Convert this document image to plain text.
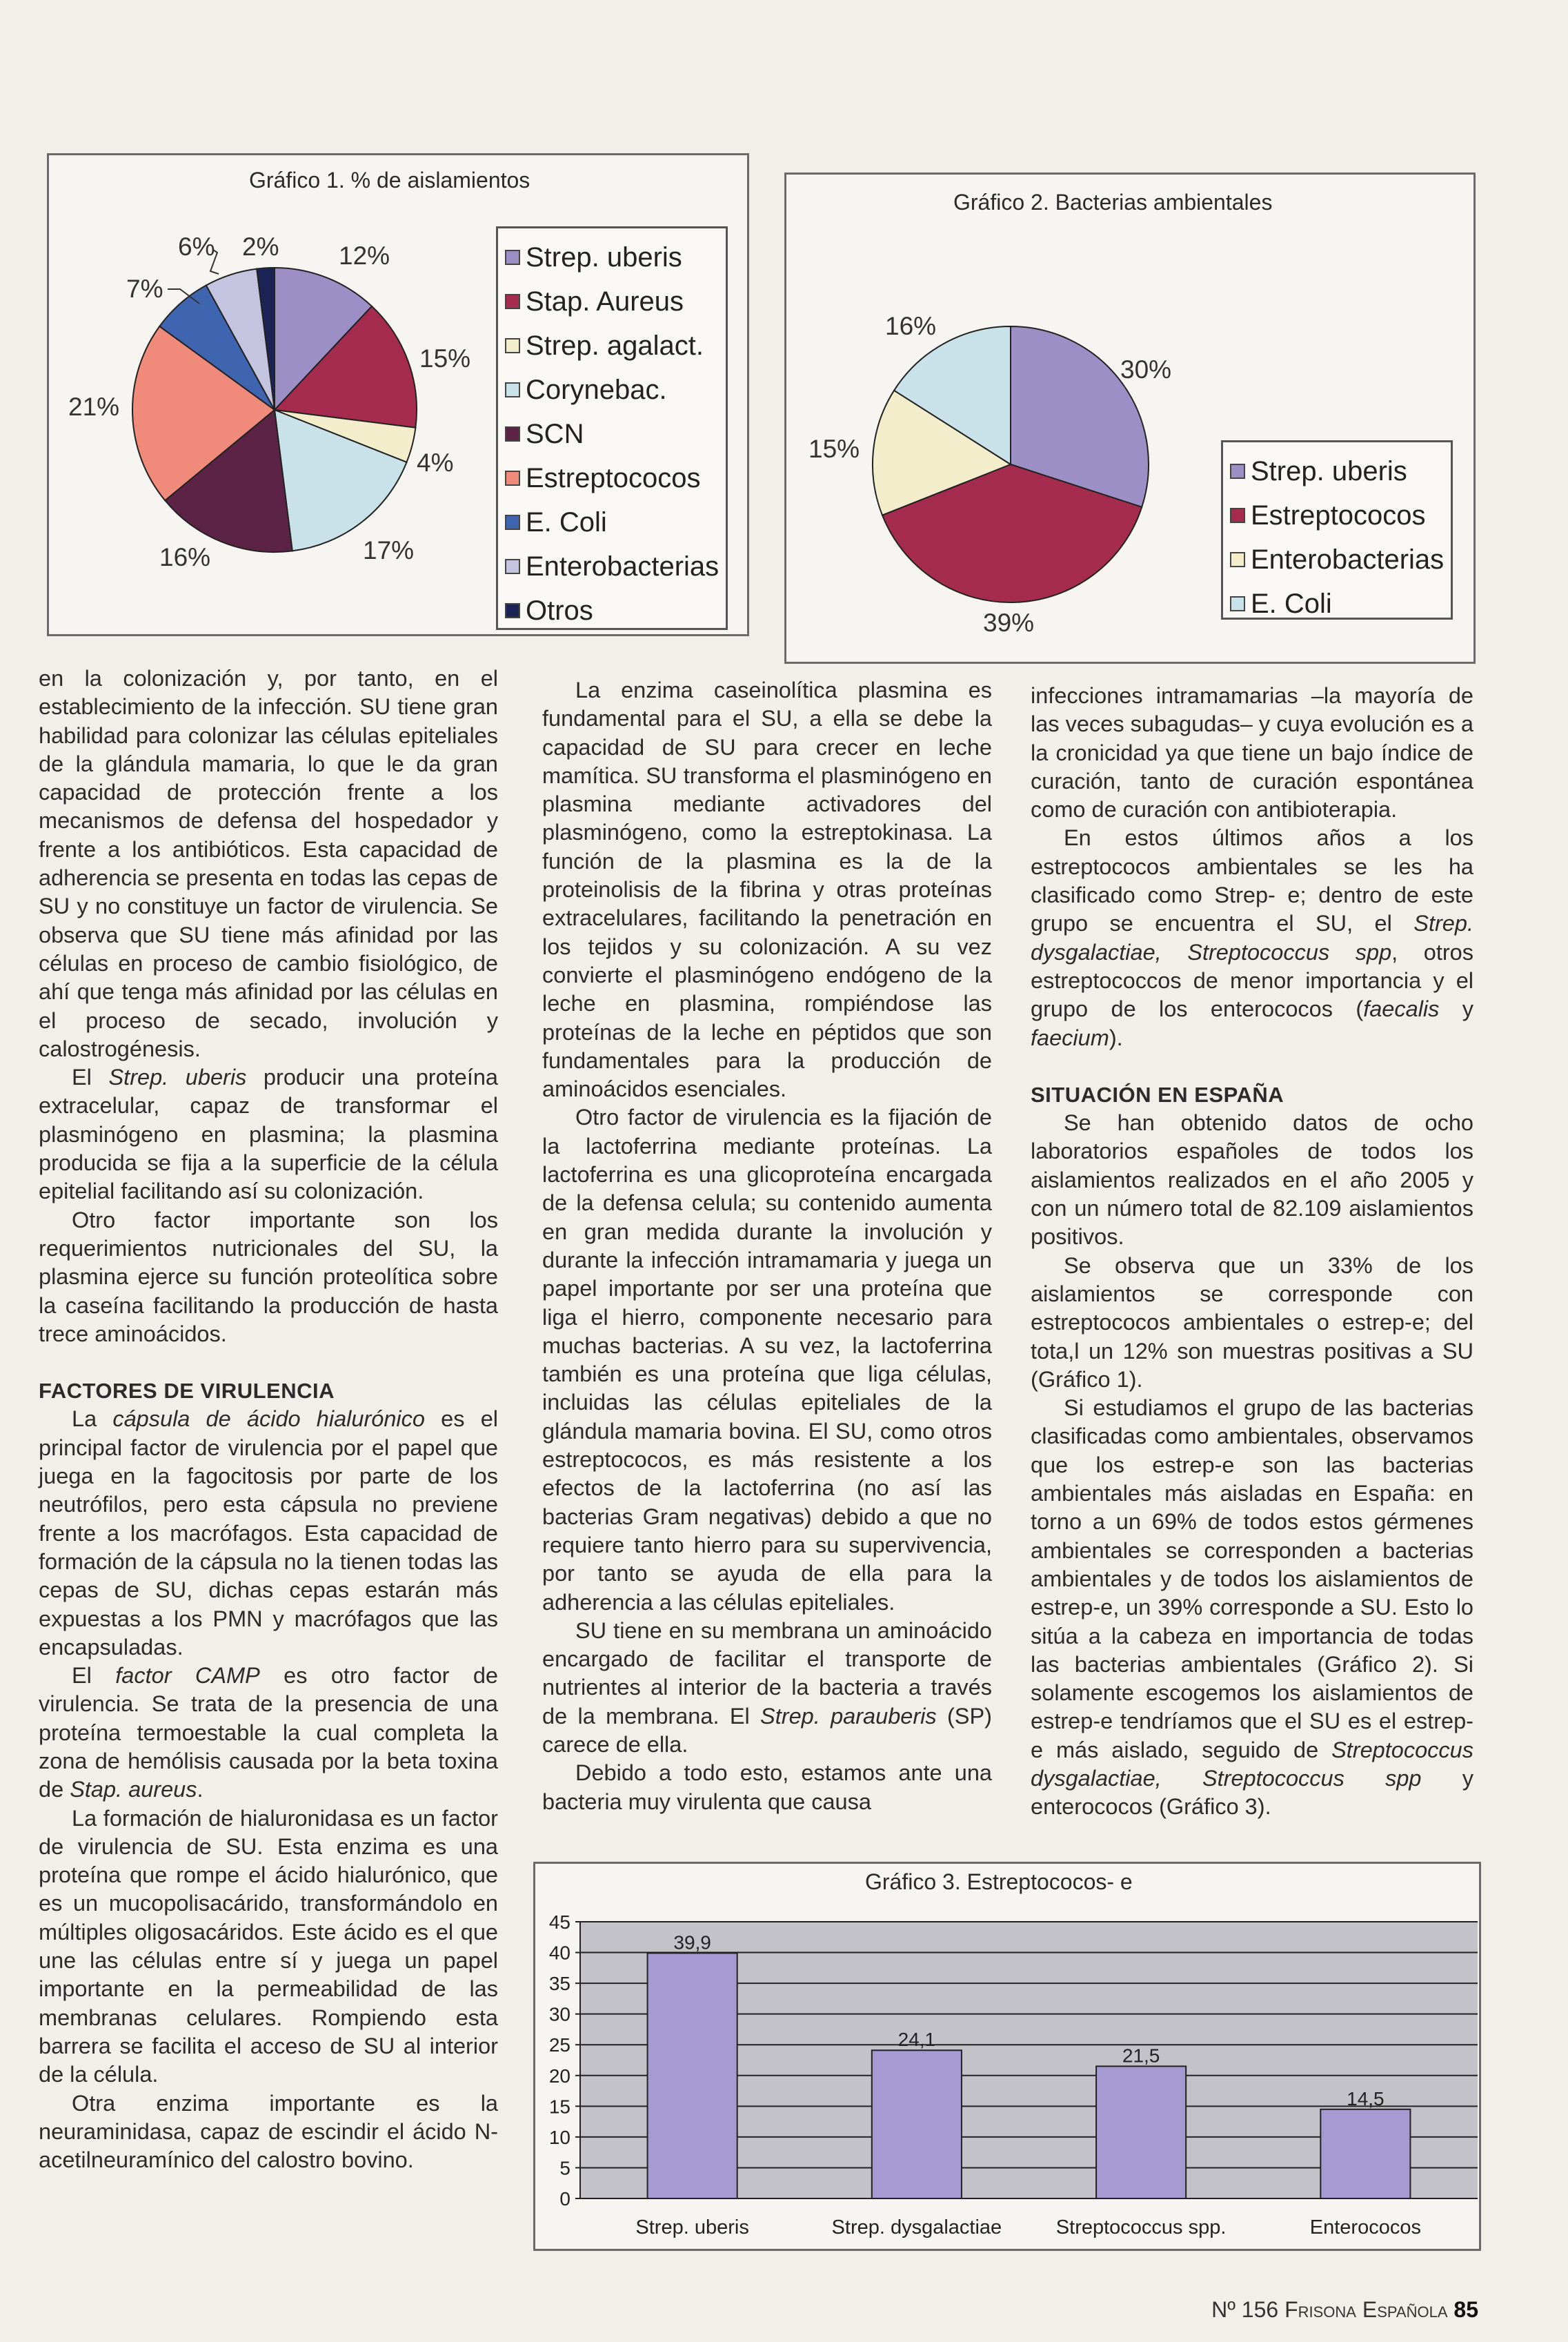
Gráfico 1. % de aislamientos
12%
15%
4%
17%
16%
21%
7%
6% 2%	Strep. uberis
Stap. Aureus
Strep. agalact.
Corynebac.
SCN
Estreptococos
E. Coli
Enterobacterias
Otros
Gráfico 2. Bacterias ambientales
30%
39%
15%
16%
Strep. uberis
Estreptococos
Enterobacterias
E. Coli

en la colonización y, por tanto, en el establecimiento de la infección. SU tiene gran habilidad para colonizar las células epiteliales de la glándula mamaria, lo que le da gran capacidad de protección frente a los mecanismos de defensa del hospedador y frente a los antibióticos. Esta capacidad de adherencia se presenta en todas las cepas de SU y no constituye un factor de virulencia. Se observa que SU tiene más afinidad por las células en proceso de cambio fisiológico, de ahí que tenga más afinidad por las células en el proceso de secado, involución y calostrogénesis.

El Strep. uberis producir una proteína extracelular, capaz de transformar el plasminógeno en plasmina; la plasmina producida se fija a la superficie de la célula epitelial facilitando así su colonización.

Otro factor importante son los requerimientos nutricionales del SU, la plasmina ejerce su función proteolítica sobre la caseína facilitando la producción de hasta trece aminoácidos.

FACTORES DE VIRULENCIA

La cápsula de ácido hialurónico es el principal factor de virulencia por el papel que juega en la fagocitosis por parte de los neutrófilos, pero esta cápsula no previene frente a los macrófagos. Esta capacidad de formación de la cápsula no la tienen todas las cepas de SU, dichas cepas estarán más expuestas a los PMN y macrófagos que las encapsuladas.

El factor CAMP es otro factor de virulencia. Se trata de la presencia de una proteína termoestable la cual completa la zona de hemólisis causada por la beta toxina de Stap. aureus.

La formación de hialuronidasa es un factor de virulencia de SU. Esta enzima es una proteína que rompe el ácido hialurónico, que es un mucopolisacárido, transformándolo en múltiples oligosacáridos. Este ácido es el que une las células entre sí y juega un papel importante en la permeabilidad de las membranas celulares. Rompiendo esta barrera se facilita el acceso de SU al interior de la célula.

Otra enzima importante es la neuraminidasa, capaz de escindir el ácido N-acetilneuramínico del calostro bovino.

La enzima caseinolítica plasmina es fundamental para el SU, a ella se debe la capacidad de SU para crecer en leche mamítica. SU transforma el plasminógeno en plasmina mediante activadores del plasminógeno, como la estreptokinasa. La función de la plasmina es la de la proteinolisis de la fibrina y otras proteínas extracelulares, facilitando la penetración en los tejidos y su colonización. A su vez convierte el plasminógeno endógeno de la leche en plasmina, rompiéndose las proteínas de la leche en péptidos que son fundamentales para la producción de aminoácidos esenciales.

Otro factor de virulencia es la fijación de la lactoferrina mediante proteínas. La lactoferrina es una glicoproteína encargada de la defensa celula; su contenido aumenta en gran medida durante la involución y durante la infección intramamaria y juega un papel importante por ser una proteína que liga el hierro, componente necesario para muchas bacterias. A su vez, la lactoferrina también es una proteína que liga células, incluidas las células epiteliales de la glándula mamaria bovina. El SU, como otros estreptococos, es más resistente a los efectos de la lactoferrina (no así las bacterias Gram negativas) debido a que no requiere tanto hierro para su supervivencia, por tanto se ayuda de ella para la adherencia a las células epiteliales.

SU tiene en su membrana un aminoácido encargado de facilitar el transporte de nutrientes al interior de la bacteria a través de la membrana. El Strep. parauberis (SP) carece de ella.

Debido a todo esto, estamos ante una bacteria muy virulenta que causa

infecciones intramamarias –la mayoría de las veces subagudas– y cuya evolución es a la cronicidad ya que tiene un bajo índice de curación, tanto de curación espontánea como de curación con antibioterapia.

En estos últimos años a los estreptococos ambientales se les ha clasificado como Strep- e; dentro de este grupo se encuentra el SU, el Strep. dysgalactiae, Streptococcus spp, otros estreptococcos de menor importancia y el grupo de los enterococos (faecalis y faecium).

SITUACIÓN EN ESPAÑA

Se han obtenido datos de ocho laboratorios españoles de todos los aislamientos realizados en el año 2005 y con un número total de 82.109 aislamientos positivos.

Se observa que un 33% de los aislamientos se corresponde con estreptococos ambientales o estrep-e; del tota,l un 12% son muestras positivas a SU (Gráfico 1).

Si estudiamos el grupo de las bacterias clasificadas como ambientales, observamos que los estrep-e son las bacterias ambientales más aisladas en España: en torno a un 69% de todos estos gérmenes ambientales se corresponden a bacterias ambientales y de todos los aislamientos de estrep-e, un 39% corresponde a SU. Esto lo sitúa a la cabeza en importancia de todas las bacterias ambientales (Gráfico 2). Si solamente escogemos los aislamientos de estrep-e tendríamos que el SU es el estrep-e más aislado, seguido de Streptococcus dysgalactiae, Streptococcus spp y enterococos (Gráfico 3).

Gráfico 3. Estreptococos- e
0
5
10
15
20
25
30
35
40
45
39,9
Strep. uberis
24,1
Strep. dysgalactiae
21,5
Streptococcus spp.
14,5
Enterococos
Nº 156 Frisona Española 85
